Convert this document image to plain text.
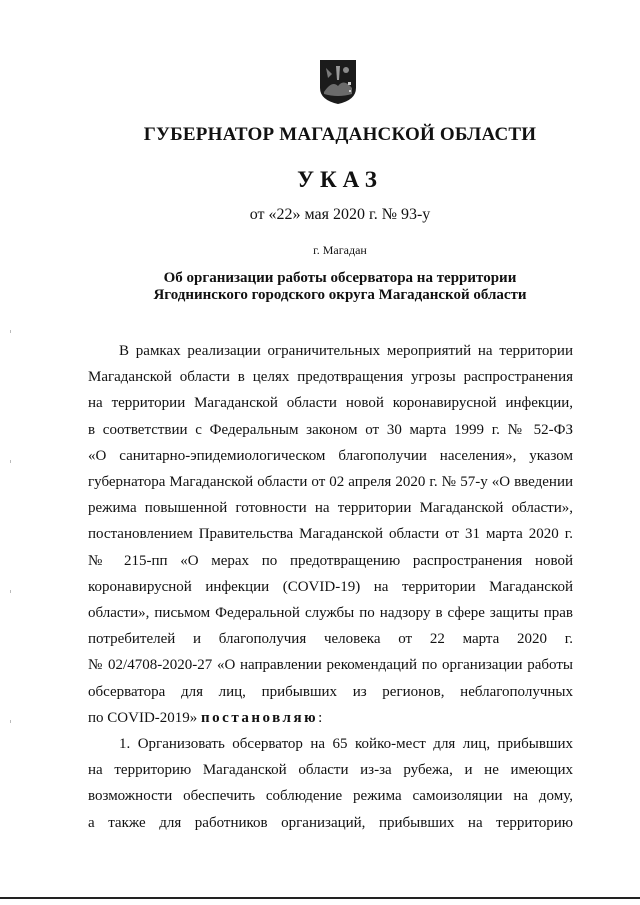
ГУБЕРНАТОР МАГАДАНСКОЙ ОБЛАСТИ
УКАЗ
от «22» мая 2020 г. № 93-у
г. Магадан
Об организации работы обсерватора на территории
Ягоднинского городского округа Магаданской области
В рамках реализации ограничительных мероприятий на территории
Магаданской области в целях предотвращения угрозы распространения
на территории Магаданской области новой коронавирусной инфекции,
в соответствии с Федеральным законом от 30 марта 1999 г. № 52-ФЗ
«О санитарно-эпидемиологическом благополучии населения», указом
губернатора Магаданской области от 02 апреля 2020 г. № 57-у «О введении
режима повышенной готовности на территории Магаданской области»,
постановлением Правительства Магаданской области от 31 марта 2020 г.
№ 215-пп «О мерах по предотвращению распространения новой
коронавирусной инфекции (COVID-19) на территории Магаданской
области», письмом Федеральной службы по надзору в сфере защиты прав
потребителей и благополучия человека от 22 марта 2020 г.
№ 02/4708-2020-27 «О направлении рекомендаций по организации работы
обсерватора для лиц, прибывших из регионов, неблагополучных
по COVID-2019» постановляю:
1. Организовать обсерватор на 65 койко-мест для лиц, прибывших
на территорию Магаданской области из-за рубежа, и не имеющих
возможности обеспечить соблюдение режима самоизоляции на дому,
а также для работников организаций, прибывших на территорию
